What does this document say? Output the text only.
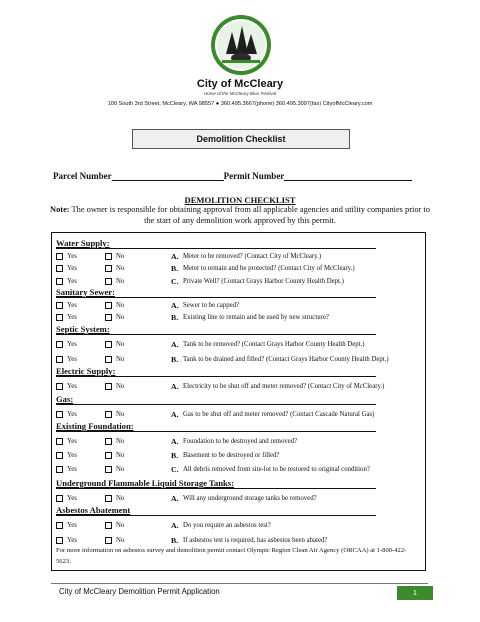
City of McCleary
Home of the McCleary Bear Festival
100 South 3rd Street, McCleary, WA 98557 ● 360.495.3667(phone) 360.495.3097(fax) CityofMcCleary.com
Demolition Checklist
Parcel Number	Permit Number
DEMOLITION CHECKLIST
Note: The owner is responsible for obtaining approval from all applicable agencies and utility companies prior to the start of any demolition work approved by this permit.
Water Supply:
Yes	No	A. Meter to be removed? (Contact City of McCleary.)
Yes	No	B. Meter to remain and be protected? (Contact City of McCleary.)
Yes	No	C. Private Well? (Contact Grays Harbor County Health Dept.)
Sanitary Sewer:
Yes	No	A. Sewer to be capped?
Yes	No	B. Existing line to remain and be used by new structure?
Septic System:
Yes	No	A. Tank to be removed? (Contact Grays Harbor County Health Dept.)
Yes	No	B. Tank to be drained and filled? (Contact Grays Harbor County Health Dept.)
Electric Supply:
Yes	No	A. Electricity to be shut off and meter removed? (Contact City of McCleary.)
Gas:
Yes	No	A. Gas to be shut off and meter removed? (Contact Cascade Natural Gas)
Existing Foundation:
Yes	No	A. Foundation to be destroyed and removed?
Yes	No	B. Basement to be destroyed or filled?
Yes	No	C. All debris removed from site-lot to be restored to original condition?
Underground Flammable Liquid Storage Tanks:
Yes	No	A. Will any underground storage tanks be removed?
Asbestos Abatement
Yes	No	A. Do you require an asbestos test?
Yes	No	B. If asbestos test is required, has asbestos been abated?
For more information on asbestos survey and demolition permit contact Olympic Region Clean Air Agency (ORCAA) at 1-800-422-5623.
City of McCleary Demolition Permit Application	1
